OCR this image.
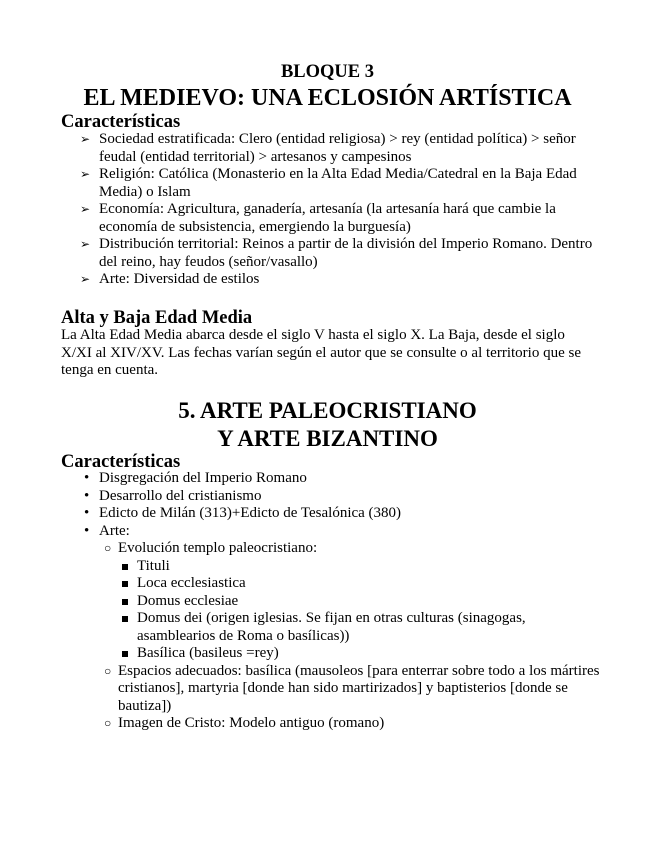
BLOQUE 3
EL MEDIEVO: UNA ECLOSIÓN ARTÍSTICA
Características
➢ Sociedad estratificada: Clero (entidad religiosa) > rey (entidad política) > señor feudal (entidad territorial) > artesanos y campesinos
➢ Religión: Católica (Monasterio en la Alta Edad Media/Catedral en la Baja Edad Media) o Islam
➢ Economía: Agricultura, ganadería, artesanía (la artesanía hará que cambie la economía de subsistencia, emergiendo la burguesía)
➢ Distribución territorial: Reinos a partir de la división del Imperio Romano. Dentro del reino, hay feudos (señor/vasallo)
➢ Arte: Diversidad de estilos
Alta y Baja Edad Media

La Alta Edad Media abarca desde el siglo V hasta el siglo X. La Baja, desde el siglo X/XI al XIV/XV. Las fechas varían según el autor que se consulte o al territorio que se tenga en cuenta.

5. ARTE PALEOCRISTIANO
Y ARTE BIZANTINO
Características
• Disgregación del Imperio Romano
• Desarrollo del cristianismo
• Edicto de Milán (313)+Edicto de Tesalónica (380)
• Arte:
○ Evolución templo paleocristiano:
Tituli
Loca ecclesiastica
Domus ecclesiae
Domus dei (origen iglesias. Se fijan en otras culturas (sinagogas, asamblearios de Roma o basílicas))
Basílica (basileus =rey)
○ Espacios adecuados: basílica (mausoleos [para enterrar sobre todo a los mártires cristianos], martyria [donde han sido martirizados] y baptisterios [donde se bautiza])
○ Imagen de Cristo: Modelo antiguo (romano)
